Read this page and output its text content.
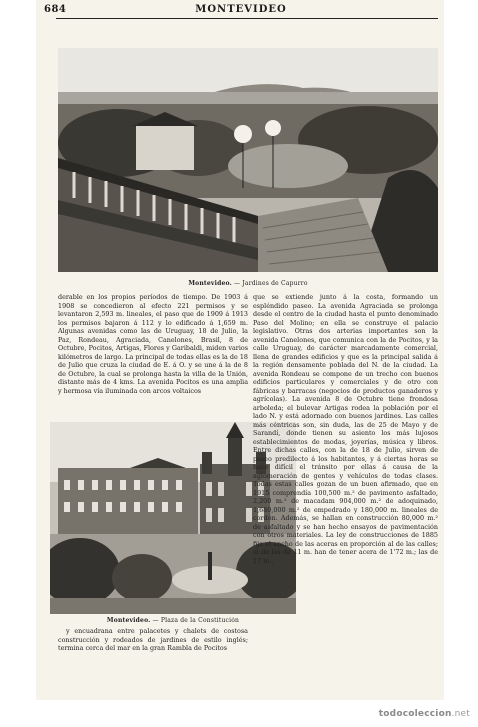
684	MONTEVIDEO
Montevideo. — Jardines de Capurro

derable en los propios períodos de tiempo. De 1903 á 1908 se concedieron al efecto 221 permisos y se levantaron 2,593 m. lineales, el paso que de 1909 á 1913 los permisos bajaron á 112 y lo edificado á 1,659 m. Algunas avenidas como las de Uruguay, 18 de Julio, la Paz, Rondeau, Agraciada, Canelones, Brasil, 8 de Octubre, Pocitos, Artigas, Flores y Garibaldi, miden varios kilómetros de largo. La principal de todas ellas es la de 18 de Julio que cruza la ciudad de E. á O. y se une á la de 8 de Octubre, la cual se prolonga hasta la villa de la Unión, distante más de 4 kms. La avenida Pocitos es una amplia y hermosa vía iluminada con arcos voltaicos

Montevideo. — Plaza de la Constitución

y encuadrana entre palacetes y chalets de costosa construcción y rodeados de jardines de estilo inglés; termina cerca del mar en la gran Rambla de Pocitos

que se extiende junto á la costa, formando un espléndido paseo. La avenida Agraciada se prolonga desde el centro de la ciudad hasta el punto denominado Paso del Molino; en ella se construye el palacio legislativo. Otras dos arterias importantes son la avenida Canelones, que comunica con la de Pocitos, y la calle Uruguay, de carácter marcadamente comercial, llena de grandes edificios y que es la principal salida á la región densamente poblada del N. de la ciudad. La avenida Rondeau se compone de un trecho con buenos edificios particulares y comerciales y de otro con fábricas y barracas (negocios de productos ganaderos y agrícolas). La avenida 8 de Octubre tiene frondosa arboleda; el bulevar Artigas rodea la población por el lado N. y está adornado con buenos jardines. Las calles más céntricas son, sin duda, las de 25 de Mayo y de Sarandí, donde tienen su asiento los más lujosos establecimientos de modas, joyerías, música y libros. Entre dichas calles, con la de 18 de Julio, sirven de paseo predilecto á los habitantes, y á ciertas horas se hace difícil el tránsito por ellas á causa de la aglomeración de gentes y vehículos de todas clases. Todas estas calles gozan de un buen afirmado, que en 1915 comprendía 100,500 m.² de pavimento asfaltado, 2,200 m.² de macadam 904,000 m.² de adoquinado, 1,680,000 m.² de empedrado y 180,000 m. lineales de cordón. Además, se hallan en construcción 80,000 m.² de asfaltado y se han hecho ensayos de pavimentación con otros materiales. La ley de construcciones de 1885 fija el ancho de las aceras en proporción al de las calles; el de las de 11 m. han de tener acera de 1'72 m.; las de 17 m.,

todocoleccion.net
